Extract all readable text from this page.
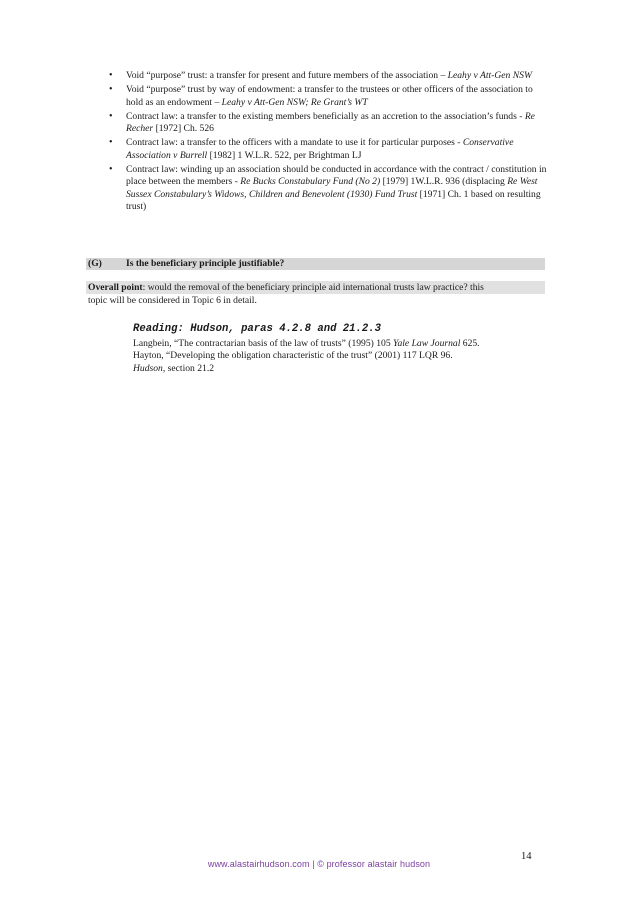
• Void “purpose” trust: a transfer for present and future members of the association – Leahy v Att-Gen NSW

• Void “purpose” trust by way of endowment: a transfer to the trustees or other officers of the association to hold as an endowment – Leahy v Att-Gen NSW; Re Grant’s WT

• Contract law: a transfer to the existing members beneficially as an accretion to the association’s funds - Re Recher [1972] Ch. 526

• Contract law: a transfer to the officers with a mandate to use it for particular purposes - Conservative Association v Burrell [1982] 1 W.L.R. 522, per Brightman LJ

• Contract law: winding up an association should be conducted in accordance with the contract / constitution in place between the members - Re Bucks Constabulary Fund (No 2) [1979] 1W.L.R. 936 (displacing Re West Sussex Constabulary’s Widows, Children and Benevolent (1930) Fund Trust [1971] Ch. 1 based on resulting trust)

(G)	Is the beneficiary principle justifiable?
Overall point: would the removal of the beneficiary principle aid international trusts law practice? this
topic will be considered in Topic 6 in detail.
Reading: Hudson, paras 4.2.8 and 21.2.3
Langbein, “The contractarian basis of the law of trusts” (1995) 105 Yale Law Journal 625.
Hayton, “Developing the obligation characteristic of the trust” (2001) 117 LQR 96.
Hudson, section 21.2
14
www.alastairhudson.com | © professor alastair hudson
